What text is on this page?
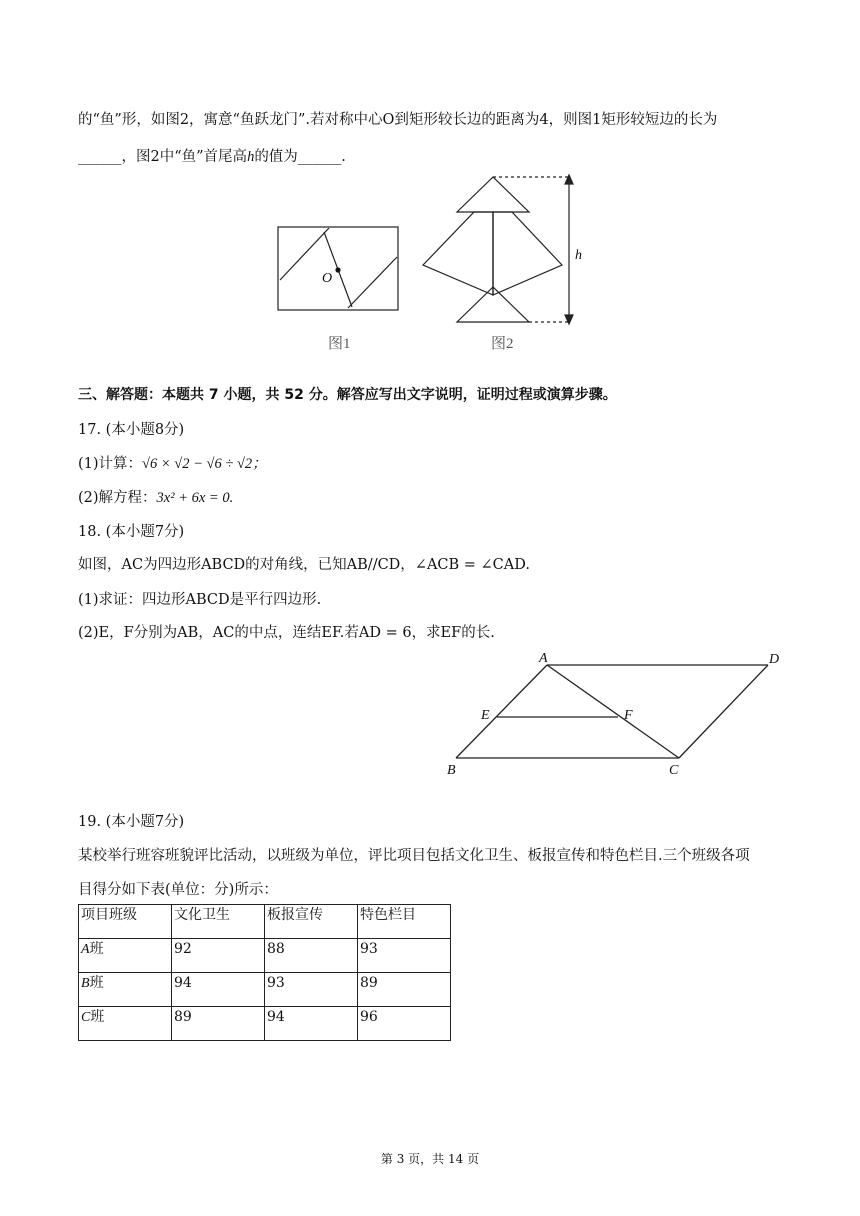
的“鱼”形，如图2，寓意“鱼跃龙门”.若对称中心O到矩形较长边的距离为4，则图1矩形较短边的长为
______，图2中“鱼”首尾高h的值为______.
O
图1
h
图2
三、解答题：本题共 7 小题，共 52 分。解答应写出文字说明，证明过程或演算步骤。
17. (本小题8分)
(1)计算：√6 × √2 − √6 ÷ √2；
(2)解方程：3x² + 6x = 0.
18. (本小题7分)
如图，AC为四边形ABCD的对角线，已知AB//CD，∠ACB = ∠CAD.
(1)求证：四边形ABCD是平行四边形.
(2)E，F分别为AB，AC的中点，连结EF.若AD = 6，求EF的长.
A	D
E	F
B	C
19. (本小题7分)
某校举行班容班貌评比活动，以班级为单位，评比项目包括文化卫生、板报宣传和特色栏目.三个班级各项
目得分如下表(单位：分)所示：
项目班级	文化卫生	板报宣传	特色栏目
A班	92	88	93
B班	94	93	89
C班	89	94	96
第 3 页，共 14 页
